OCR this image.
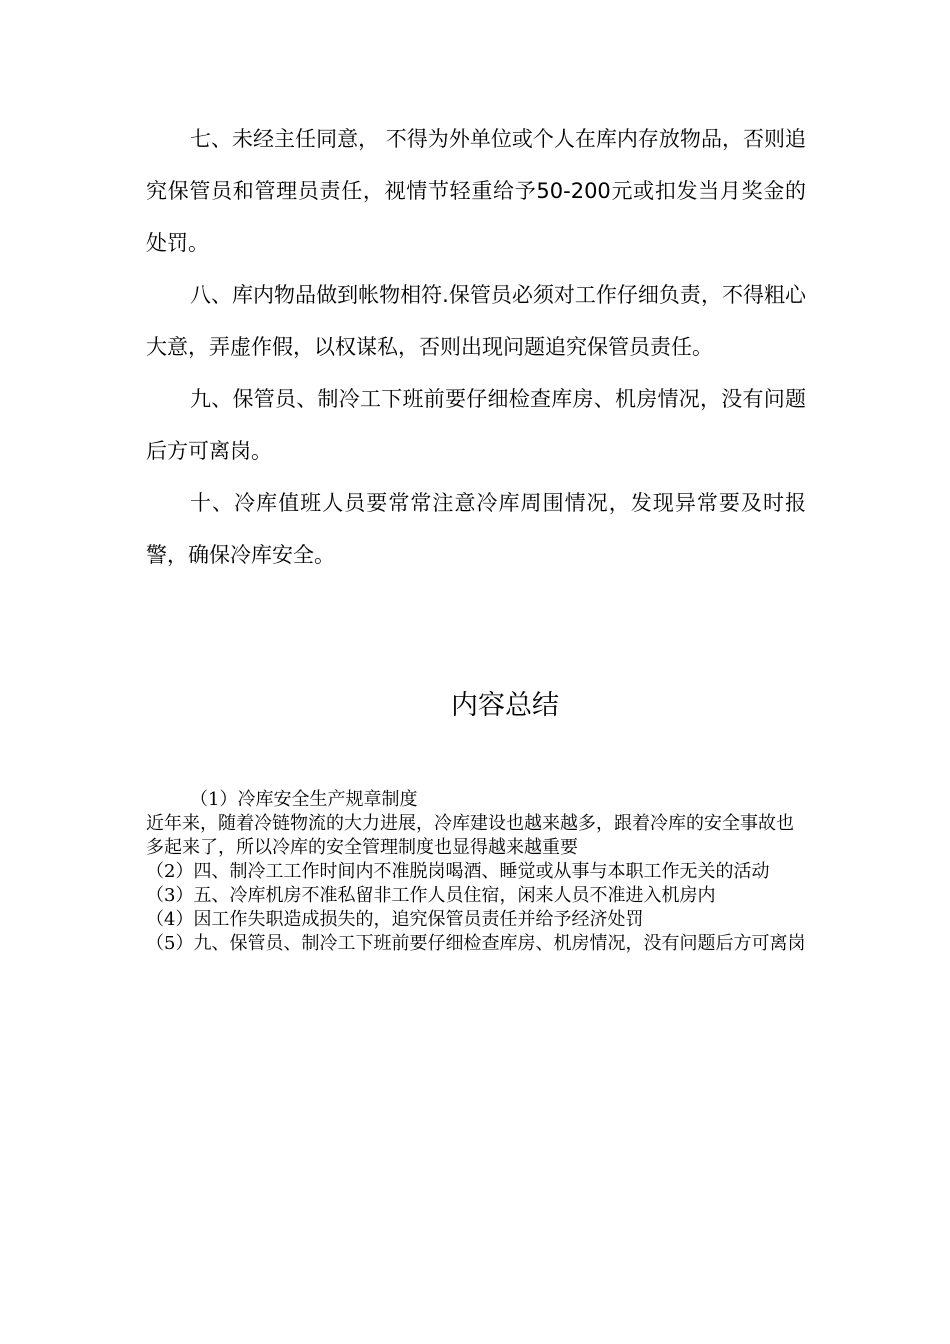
七、未经主任同意， 不得为外单位或个人在库内存放物品，否则追究保管员和管理员责任，视情节轻重给予50-200元或扣发当月奖金的处罚。

八、库内物品做到帐物相符.保管员必须对工作仔细负责，不得粗心大意，弄虚作假，以权谋私，否则出现问题追究保管员责任。

九、保管员、制冷工下班前要仔细检查库房、机房情况，没有问题后方可离岗。

十、冷库值班人员要常常注意冷库周围情况，发现异常要及时报警，确保冷库安全。

内容总结

（1）冷库安全生产规章制度

近年来，随着冷链物流的大力进展，冷库建设也越来越多，跟着冷库的安全事故也多起来了，所以冷库的安全管理制度也显得越来越重要

（2）四、制冷工工作时间内不准脱岗喝酒、睡觉或从事与本职工作无关的活动

（3）五、冷库机房不准私留非工作人员住宿，闲来人员不准进入机房内

（4）因工作失职造成损失的，追究保管员责任并给予经济处罚

（5）九、保管员、制冷工下班前要仔细检查库房、机房情况，没有问题后方可离岗
